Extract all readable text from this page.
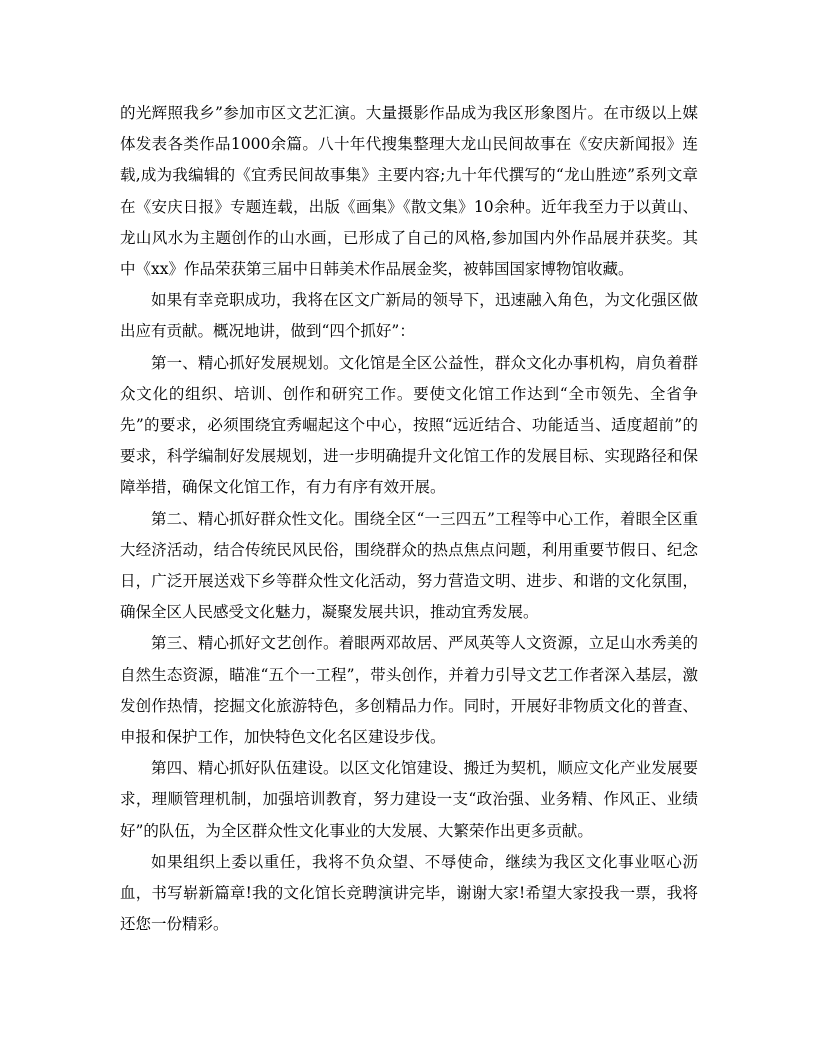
的光辉照我乡”参加市区文艺汇演。大量摄影作品成为我区形象图片。在市级以上媒体发表各类作品1000余篇。八十年代搜集整理大龙山民间故事在《安庆新闻报》连载,成为我编辑的《宜秀民间故事集》主要内容;九十年代撰写的“龙山胜迹”系列文章在《安庆日报》专题连载，出版《画集》《散文集》10余种。近年我至力于以黄山、龙山风水为主题创作的山水画，已形成了自己的风格,参加国内外作品展并获奖。其中《xx》作品荣获第三届中日韩美术作品展金奖，被韩国国家博物馆收藏。

如果有幸竞职成功，我将在区文广新局的领导下，迅速融入角色，为文化强区做出应有贡献。概况地讲，做到“四个抓好”：

第一、精心抓好发展规划。文化馆是全区公益性，群众文化办事机构，肩负着群众文化的组织、培训、创作和研究工作。要使文化馆工作达到“全市领先、全省争先”的要求，必须围绕宜秀崛起这个中心，按照“远近结合、功能适当、适度超前”的要求，科学编制好发展规划，进一步明确提升文化馆工作的发展目标、实现路径和保障举措，确保文化馆工作，有力有序有效开展。

第二、精心抓好群众性文化。围绕全区“一三四五”工程等中心工作，着眼全区重大经济活动，结合传统民风民俗，围绕群众的热点焦点问题，利用重要节假日、纪念日，广泛开展送戏下乡等群众性文化活动，努力营造文明、进步、和谐的文化氛围，确保全区人民感受文化魅力，凝聚发展共识，推动宜秀发展。

第三、精心抓好文艺创作。着眼两邓故居、严凤英等人文资源，立足山水秀美的自然生态资源，瞄准“五个一工程”，带头创作，并着力引导文艺工作者深入基层，激发创作热情，挖掘文化旅游特色，多创精品力作。同时，开展好非物质文化的普查、申报和保护工作，加快特色文化名区建设步伐。

第四、精心抓好队伍建设。以区文化馆建设、搬迁为契机，顺应文化产业发展要求，理顺管理机制，加强培训教育，努力建设一支“政治强、业务精、作风正、业绩好”的队伍，为全区群众性文化事业的大发展、大繁荣作出更多贡献。

如果组织上委以重任，我将不负众望、不辱使命，继续为我区文化事业呕心沥血，书写崭新篇章!我的文化馆长竞聘演讲完毕，谢谢大家!希望大家投我一票，我将还您一份精彩。
